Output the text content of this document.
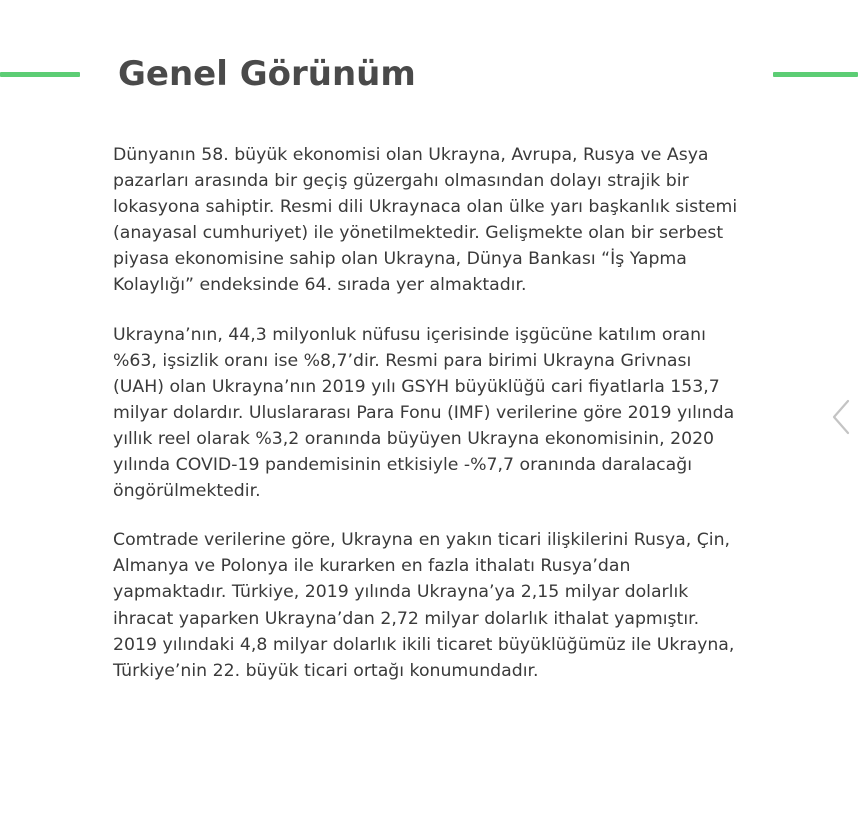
Genel Görünüm

Dünyanın 58. büyük ekonomisi olan Ukrayna, Avrupa, Rusya ve Asya pazarları arasında bir geçiş güzergahı olmasından dolayı strajik bir lokasyona sahiptir. Resmi dili Ukraynaca olan ülke yarı başkanlık sistemi (anayasal cumhuriyet) ile yönetilmektedir. Gelişmekte olan bir serbest piyasa ekonomisine sahip olan Ukrayna, Dünya Bankası “İş Yapma Kolaylığı” endeksinde 64. sırada yer almaktadır.

Ukrayna’nın, 44,3 milyonluk nüfusu içerisinde işgücüne katılım oranı %63, işsizlik oranı ise %8,7’dir. Resmi para birimi Ukrayna Grivnası (UAH) olan Ukrayna’nın 2019 yılı GSYH büyüklüğü cari fiyatlarla 153,7 milyar dolardır. Uluslararası Para Fonu (IMF) verilerine göre 2019 yılında yıllık reel olarak %3,2 oranında büyüyen Ukrayna ekonomisinin, 2020 yılında COVID-19 pandemisinin etkisiyle -%7,7 oranında daralacağı öngörülmektedir.

Comtrade verilerine göre, Ukrayna en yakın ticari ilişkilerini Rusya, Çin, Almanya ve Polonya ile kurarken en fazla ithalatı Rusya’dan yapmaktadır. Türkiye, 2019 yılında Ukrayna’ya 2,15 milyar dolarlık ihracat yaparken Ukrayna’dan 2,72 milyar dolarlık ithalat yapmıştır. 2019 yılındaki 4,8 milyar dolarlık ikili ticaret büyüklüğümüz ile Ukrayna, Türkiye’nin 22. büyük ticari ortağı konumundadır.
